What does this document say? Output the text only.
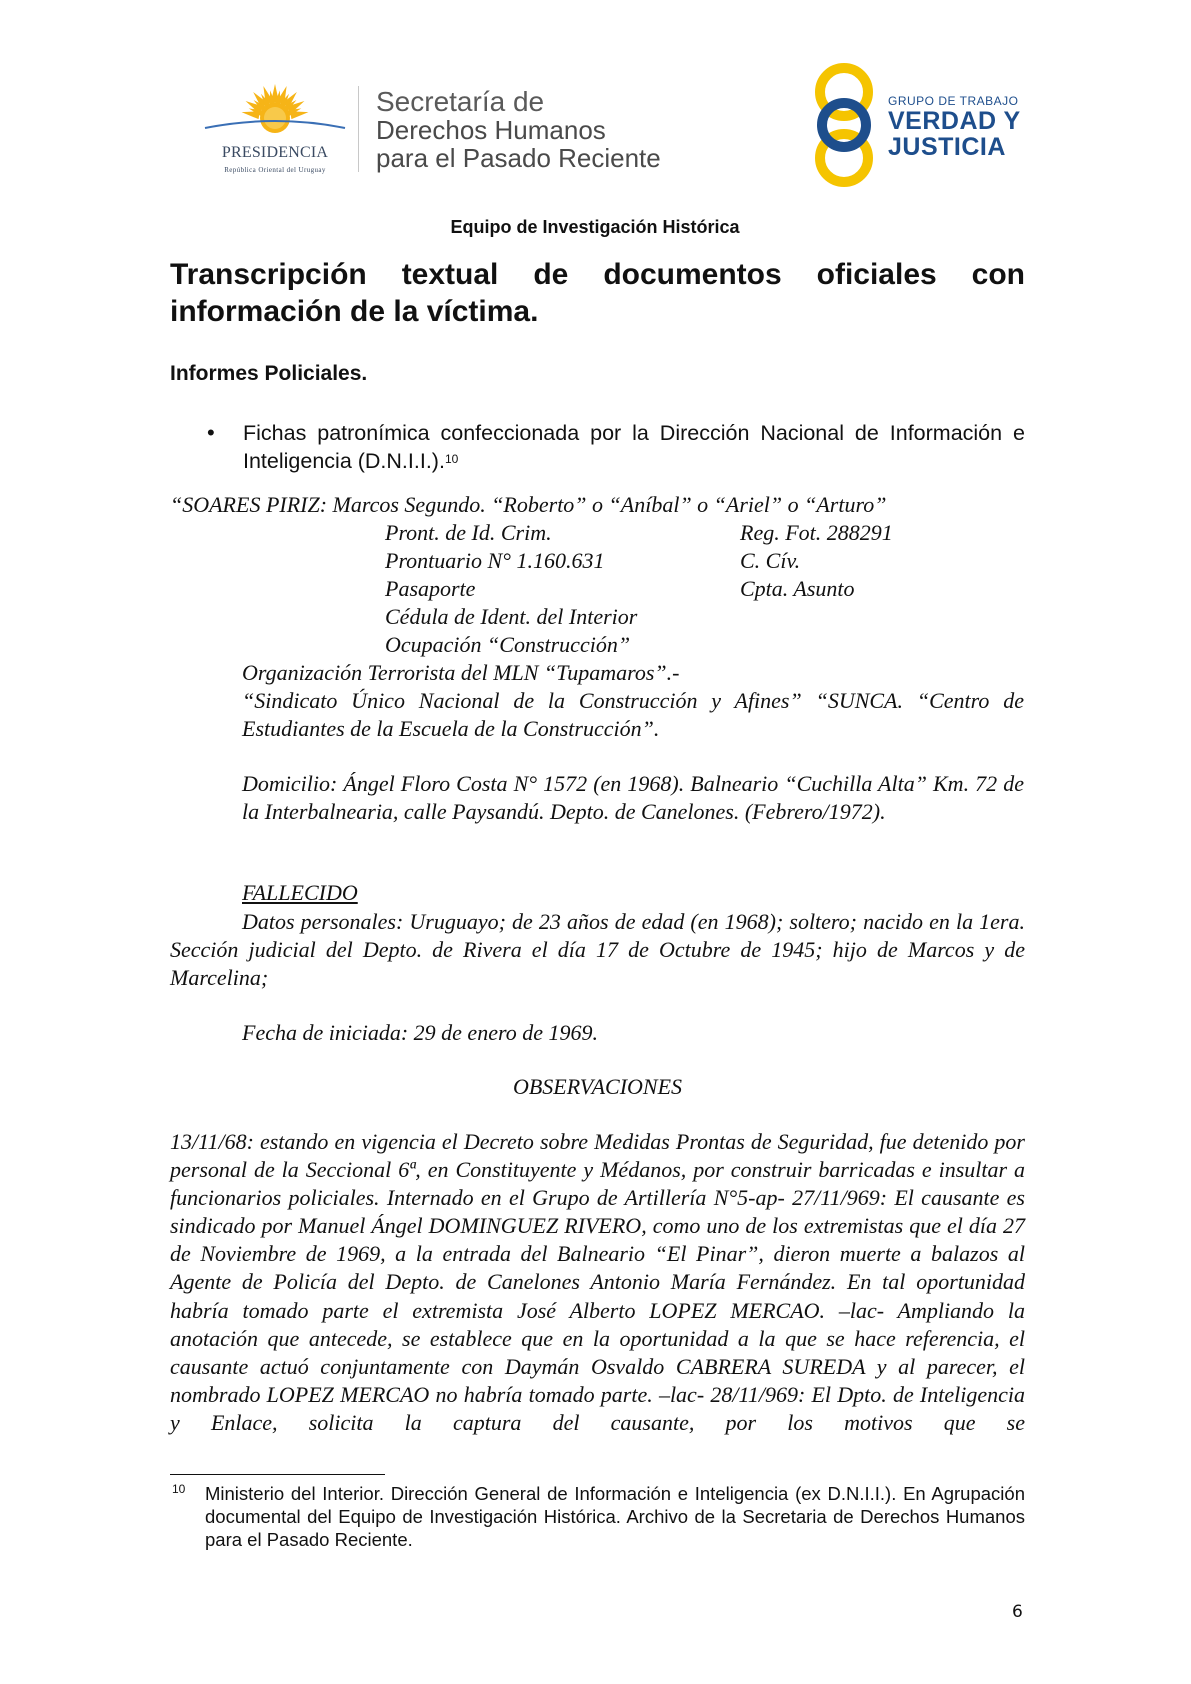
PRESIDENCIA
República Oriental del Uruguay
Secretaría de
Derechos Humanos
para el Pasado Reciente
GRUPO DE TRABAJO
VERDAD Y
JUSTICIA
Equipo de Investigación Histórica
Transcripción textual de documentos oficiales con información de la víctima.
Informes Policiales.
• Fichas patronímica confeccionada por la Dirección Nacional de Información e Inteligencia (D.N.I.I.).$^{10}$
“SOARES PIRIZ: Marcos Segundo. “Roberto” o “Aníbal” o “Ariel” o “Arturo”
Pront. de Id. Crim.
Prontuario N° 1.160.631
Pasaporte
Cédula de Ident. del Interior
Ocupación “Construcción”
Reg. Fot. 288291
C. Cív.
Cpta. Asunto
Organización Terrorista del MLN “Tupamaros”.-
“Sindicato Único Nacional de la Construcción y Afines” “SUNCA. “Centro de Estudiantes de la Escuela de la Construcción”.
Domicilio: Ángel Floro Costa N° 1572 (en 1968). Balneario “Cuchilla Alta” Km. 72 de la Interbalnearia, calle Paysandú. Depto. de Canelones. (Febrero/1972).
FALLECIDO
Datos personales: Uruguayo; de 23 años de edad (en 1968); soltero; nacido en la 1era. Sección judicial del Depto. de Rivera el día 17 de Octubre de 1945; hijo de Marcos y de Marcelina;
Fecha de iniciada: 29 de enero de 1969.
OBSERVACIONES
13/11/68: estando en vigencia el Decreto sobre Medidas Prontas de Seguridad, fue detenido por personal de la Seccional 6ª, en Constituyente y Médanos, por construir barricadas e insultar a funcionarios policiales. Internado en el Grupo de Artillería N°5-ap- 27/11/969: El causante es sindicado por Manuel Ángel DOMINGUEZ RIVERO, como uno de los extremistas que el día 27 de Noviembre de 1969, a la entrada del Balneario “El Pinar”, dieron muerte a balazos al Agente de Policía del Depto. de Canelones Antonio María Fernández. En tal oportunidad habría tomado parte el extremista José Alberto LOPEZ MERCAO. –lac- Ampliando la anotación que antecede, se establece que en la oportunidad a la que se hace referencia, el causante actuó conjuntamente con Daymán Osvaldo CABRERA SUREDA y al parecer, el nombrado LOPEZ MERCAO no habría tomado parte. –lac- 28/11/969: El Dpto. de Inteligencia y Enlace, solicita la captura del causante, por los motivos que se
10 Ministerio del Interior. Dirección General de Información e Inteligencia (ex D.N.I.I.). En Agrupación documental del Equipo de Investigación Histórica. Archivo de la Secretaria de Derechos Humanos para el Pasado Reciente.
6
